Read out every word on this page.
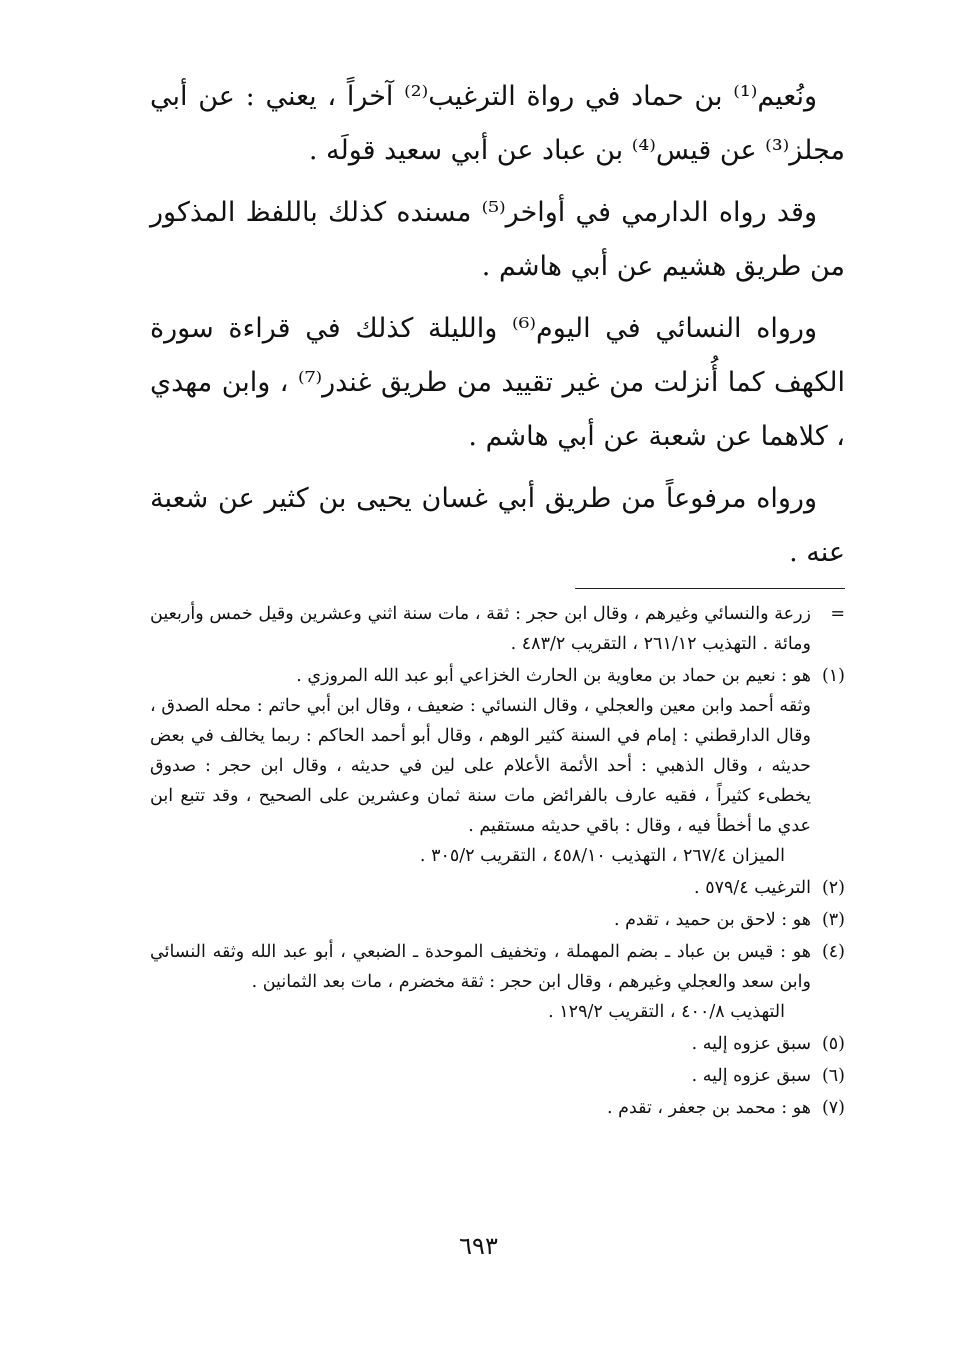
ونُعيم⁽¹⁾ بن حماد في رواة الترغيب⁽²⁾ آخراً ، يعني : عن أبي مجلز⁽³⁾ عن قيس⁽⁴⁾ بن عباد عن أبي سعيد قولَه .

وقد رواه الدارمي في أواخر⁽⁵⁾ مسنده كذلك باللفظ المذكور من طريق هشيم عن أبي هاشم .

ورواه النسائي في اليوم⁽⁶⁾ والليلة كذلك في قراءة سورة الكهف كما أُنزلت من غير تقييد من طريق غندر⁽⁷⁾ ، وابن مهدي ، كلاهما عن شعبة عن أبي هاشم .

ورواه مرفوعاً من طريق أبي غسان يحيى بن كثير عن شعبة عنه .

=
زرعة والنسائي وغيرهم ، وقال ابن حجر : ثقة ، مات سنة اثني وعشرين وقيل خمس وأربعين ومائة . التهذيب ٢٦١/١٢ ، التقريب ٤٨٣/٢ .
(١)
هو : نعيم بن حماد بن معاوية بن الحارث الخزاعي أبو عبد الله المروزي .
وثقه أحمد وابن معين والعجلي ، وقال النسائي : ضعيف ، وقال ابن أبي حاتم : محله الصدق ، وقال الدارقطني : إمام في السنة كثير الوهم ، وقال أبو أحمد الحاكم : ربما يخالف في بعض حديثه ، وقال الذهبي : أحد الأئمة الأعلام على لين في حديثه ، وقال ابن حجر : صدوق يخطىء كثيراً ، فقيه عارف بالفرائض مات سنة ثمان وعشرين على الصحيح ، وقد تتبع ابن عدي ما أخطأ فيه ، وقال : باقي حديثه مستقيم .
الميزان ٢٦٧/٤ ، التهذيب ٤٥٨/١٠ ، التقريب ٣٠٥/٢ .
(٢)
الترغيب ٥٧٩/٤ .
(٣)
هو : لاحق بن حميد ، تقدم .
(٤)
هو : قيس بن عباد ـ بضم المهملة ، وتخفيف الموحدة ـ الضبعي ، أبو عبد الله وثقه النسائي وابن سعد والعجلي وغيرهم ، وقال ابن حجر : ثقة مخضرم ، مات بعد الثمانين .
التهذيب ٤٠٠/٨ ، التقريب ١٢٩/٢ .
(٥)
سبق عزوه إليه .
(٦)
سبق عزوه إليه .
(٧)
هو : محمد بن جعفر ، تقدم .
٦٩٣
